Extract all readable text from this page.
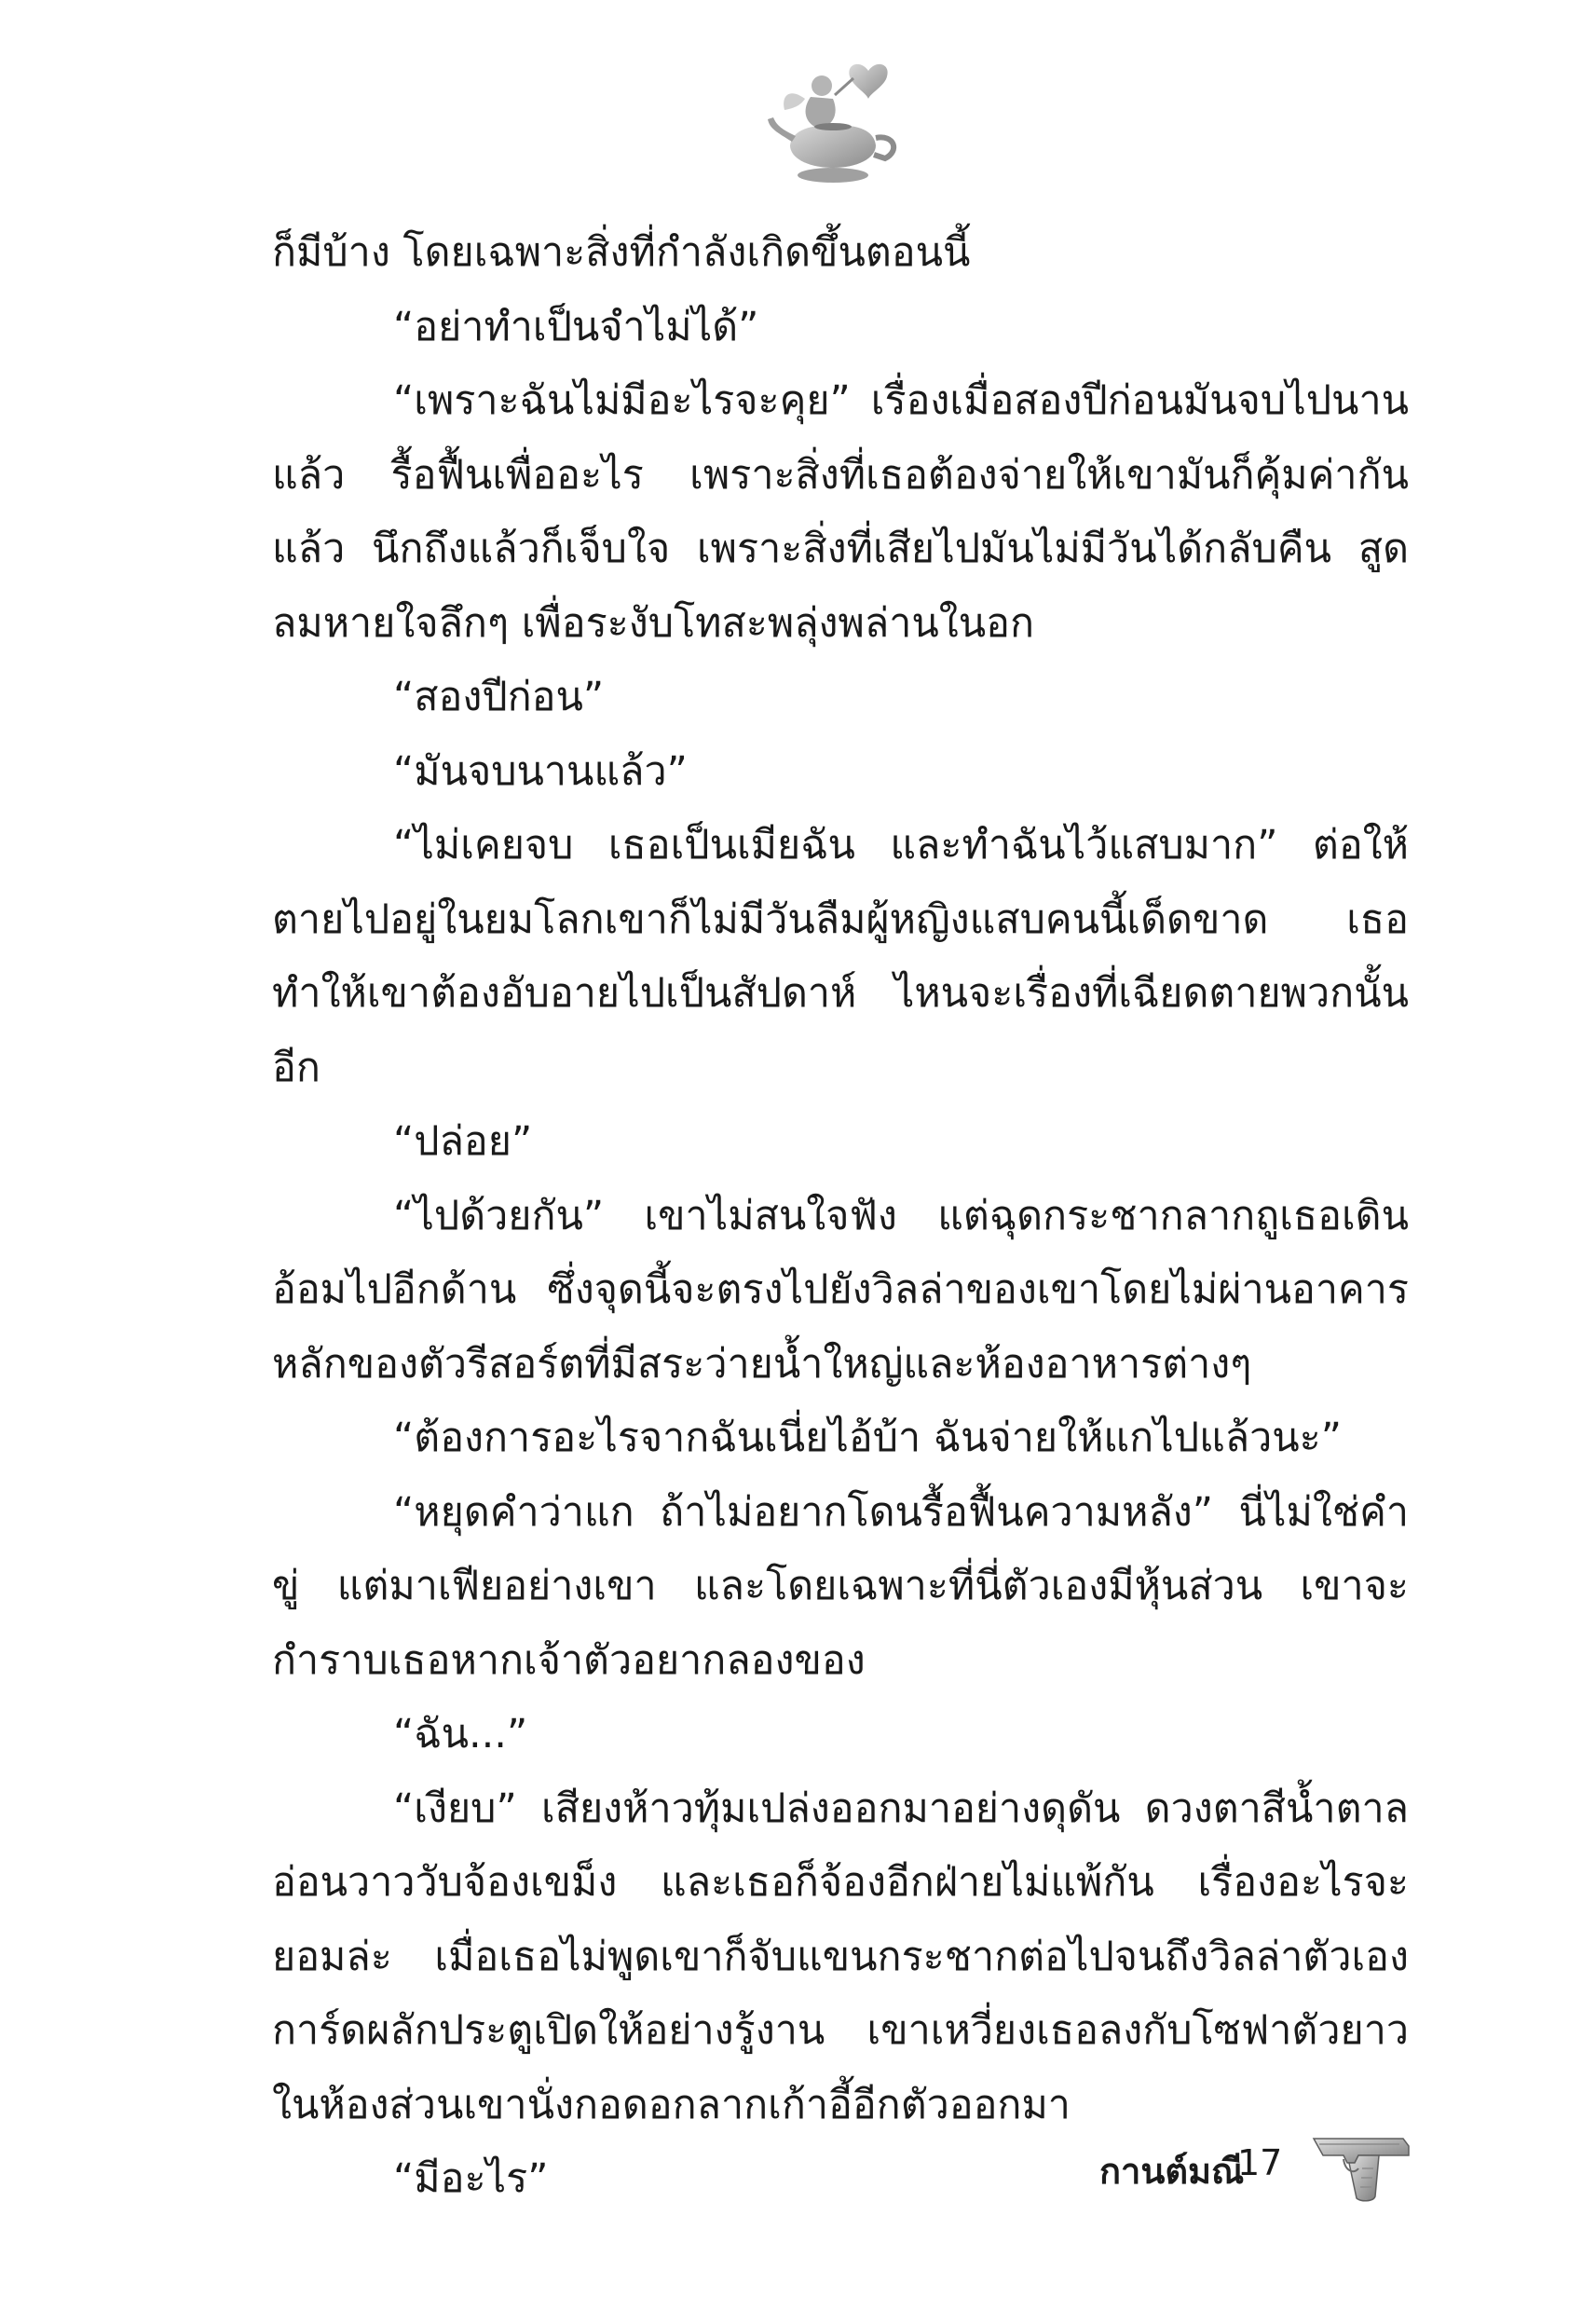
ก็มีบ้าง โดยเฉพาะสิ่งที่กำลังเกิดขึ้นตอนนี้

“อย่าทำเป็นจำไม่ได้”

“เพราะฉันไม่มีอะไรจะคุย” เรื่องเมื่อสองปีก่อนมันจบไปนานแล้ว รื้อฟื้นเพื่ออะไร เพราะสิ่งที่เธอต้องจ่ายให้เขามันก็คุ้มค่ากันแล้ว นึกถึงแล้วก็เจ็บใจ เพราะสิ่งที่เสียไปมันไม่มีวันได้กลับคืน สูดลมหายใจลึกๆ เพื่อระงับโทสะพลุ่งพล่านในอก

“สองปีก่อน”

“มันจบนานแล้ว”

“ไม่เคยจบ เธอเป็นเมียฉัน และทำฉันไว้แสบมาก” ต่อให้ตายไปอยู่ในยมโลกเขาก็ไม่มีวันลืมผู้หญิงแสบคนนี้เด็ดขาด เธอทำให้เขาต้องอับอายไปเป็นสัปดาห์ ไหนจะเรื่องที่เฉียดตายพวกนั้นอีก

“ปล่อย”

“ไปด้วยกัน” เขาไม่สนใจฟัง แต่ฉุดกระชากลากถูเธอเดินอ้อมไปอีกด้าน ซึ่งจุดนี้จะตรงไปยังวิลล่าของเขาโดยไม่ผ่านอาคารหลักของตัวรีสอร์ตที่มีสระว่ายน้ำใหญ่และห้องอาหารต่างๆ

“ต้องการอะไรจากฉันเนี่ยไอ้บ้า ฉันจ่ายให้แกไปแล้วนะ”

“หยุดคำว่าแก ถ้าไม่อยากโดนรื้อฟื้นความหลัง” นี่ไม่ใช่คำขู่ แต่มาเฟียอย่างเขา และโดยเฉพาะที่นี่ตัวเองมีหุ้นส่วน เขาจะกำราบเธอหากเจ้าตัวอยากลองของ

“ฉัน...”

“เงียบ” เสียงห้าวทุ้มเปล่งออกมาอย่างดุดัน ดวงตาสีน้ำตาลอ่อนวาววับจ้องเขม็ง และเธอก็จ้องอีกฝ่ายไม่แพ้กัน เรื่องอะไรจะยอมล่ะ เมื่อเธอไม่พูดเขาก็จับแขนกระชากต่อไปจนถึงวิลล่าตัวเอง การ์ดผลักประตูเปิดให้อย่างรู้งาน เขาเหวี่ยงเธอลงกับโซฟาตัวยาวในห้องส่วนเขานั่งกอดอกลากเก้าอี้อีกตัวออกมา

“มีอะไร”	กานต์มณี
17
